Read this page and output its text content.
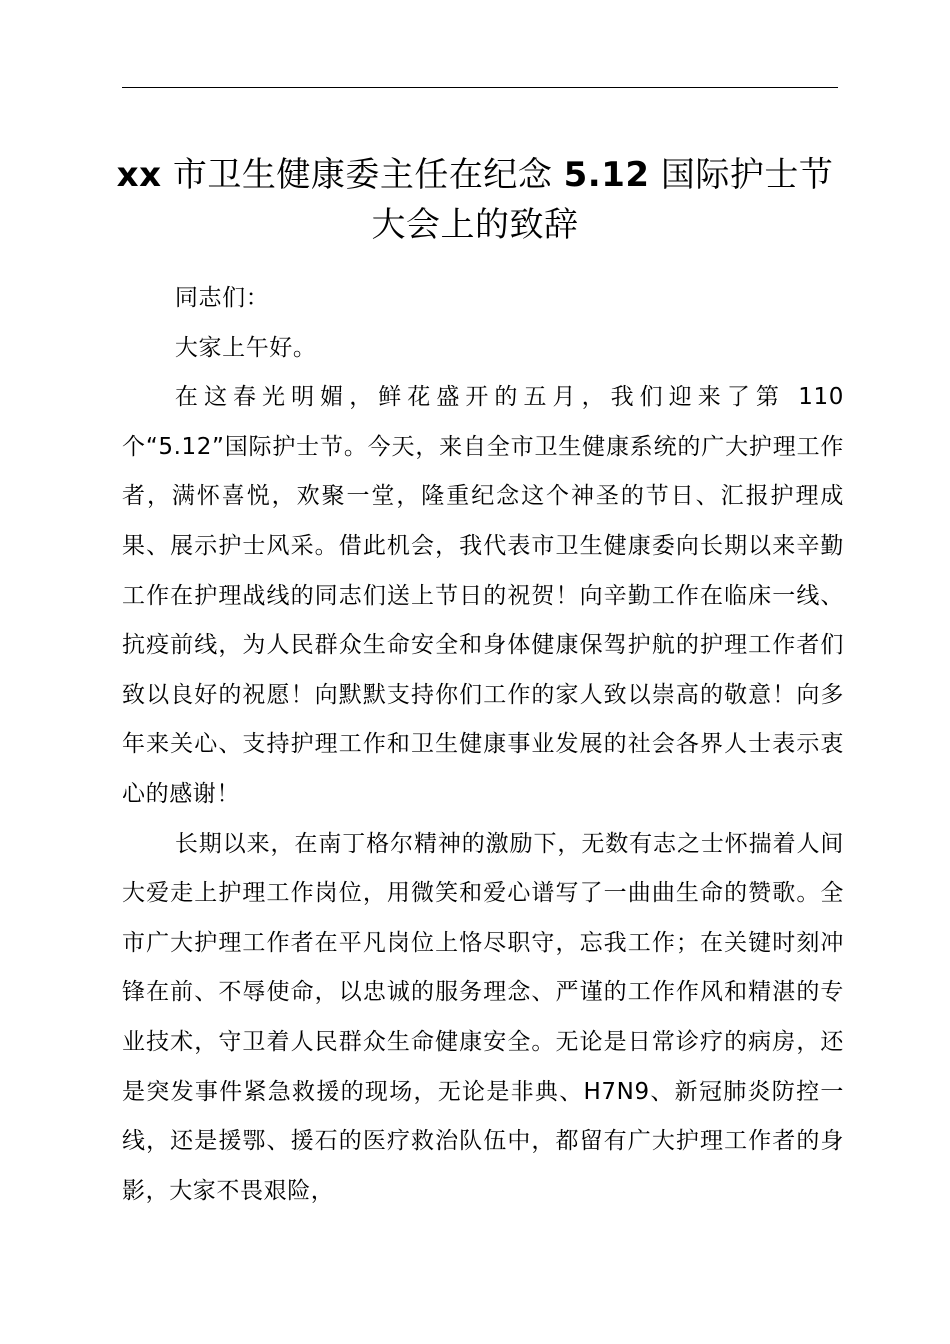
xx 市卫生健康委主任在纪念 5.12 国际护士节
大会上的致辞

同志们：

大家上午好。

在这春光明媚，鲜花盛开的五月，我们迎来了第 110 个“5.12”国际护士节。今天，来自全市卫生健康系统的广大护理工作者，满怀喜悦，欢聚一堂，隆重纪念这个神圣的节日、汇报护理成果、展示护士风采。借此机会，我代表市卫生健康委向长期以来辛勤工作在护理战线的同志们送上节日的祝贺！向辛勤工作在临床一线、抗疫前线，为人民群众生命安全和身体健康保驾护航的护理工作者们致以良好的祝愿！向默默支持你们工作的家人致以崇高的敬意！向多年来关心、支持护理工作和卫生健康事业发展的社会各界人士表示衷心的感谢！

长期以来，在南丁格尔精神的激励下，无数有志之士怀揣着人间大爱走上护理工作岗位，用微笑和爱心谱写了一曲曲生命的赞歌。全市广大护理工作者在平凡岗位上恪尽职守，忘我工作；在关键时刻冲锋在前、不辱使命，以忠诚的服务理念、严谨的工作作风和精湛的专业技术，守卫着人民群众生命健康安全。无论是日常诊疗的病房，还是突发事件紧急救援的现场，无论是非典、H7N9、新冠肺炎防控一线，还是援鄂、援石的医疗救治队伍中，都留有广大护理工作者的身影，大家不畏艰险，
